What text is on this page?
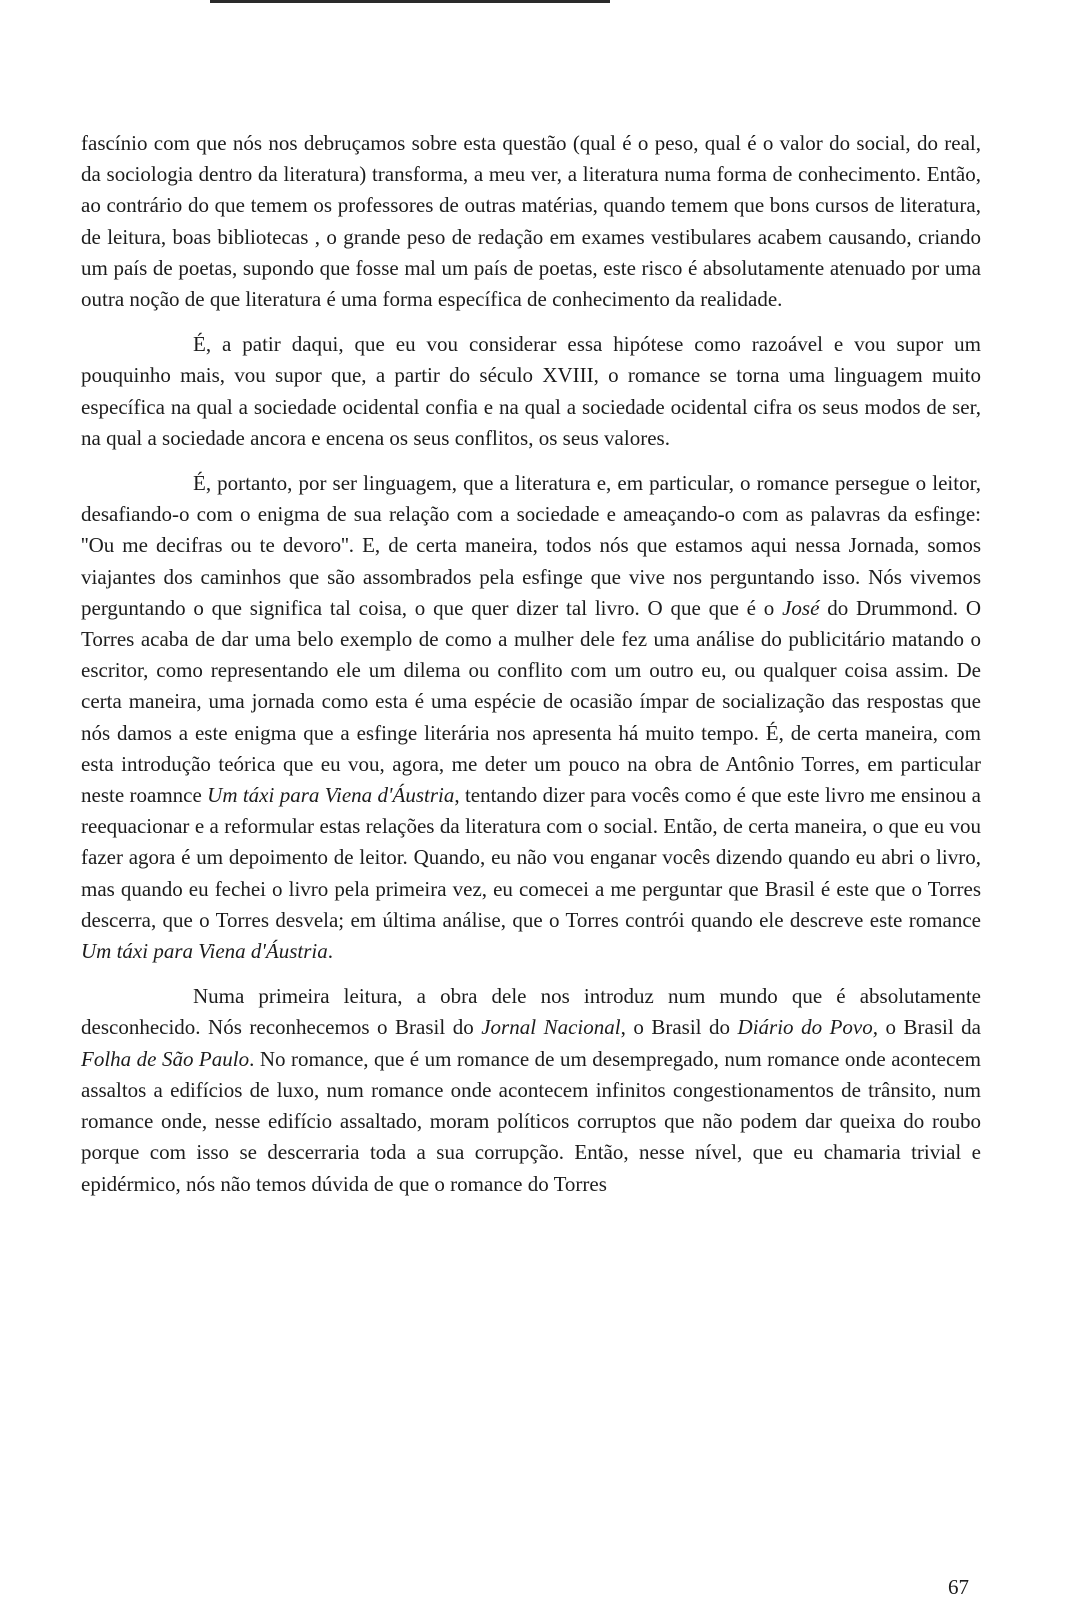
fascínio com que nós nos debruçamos sobre esta questão (qual é o peso, qual é o valor do social, do real, da sociologia dentro da literatura) transforma, a meu ver, a literatura numa forma de conhecimento. Então, ao contrário do que temem os professores de outras matérias, quando temem que bons cursos de literatura, de leitura, boas bibliotecas , o grande peso de redação em exames vestibulares acabem causando, criando um país de poetas, supondo que fosse mal um país de poetas, este risco é absolutamente atenuado por uma outra noção de que literatura é uma forma específica de conhecimento da realidade.

É, a patir daqui, que eu vou considerar essa hipótese como razoável e vou supor um pouquinho mais, vou supor que, a partir do século XVIII, o romance se torna uma linguagem muito específica na qual a sociedade ocidental confia e na qual a sociedade ocidental cifra os seus modos de ser, na qual a sociedade ancora e encena os seus conflitos, os seus valores.

É, portanto, por ser linguagem, que a literatura e, em particular, o romance persegue o leitor, desafiando-o com o enigma de sua relação com a sociedade e ameaçando-o com as palavras da esfinge: ''Ou me decifras ou te devoro''. E, de certa maneira, todos nós que estamos aqui nessa Jornada, somos viajantes dos caminhos que são assombrados pela esfinge que vive nos perguntando isso. Nós vivemos perguntando o que significa tal coisa, o que quer dizer tal livro. O que que é o José do Drummond. O Torres acaba de dar uma belo exemplo de como a mulher dele fez uma análise do publicitário matando o escritor, como representando ele um dilema ou conflito com um outro eu, ou qualquer coisa assim. De certa maneira, uma jornada como esta é uma espécie de ocasião ímpar de socialização das respostas que nós damos a este enigma que a esfinge literária nos apresenta há muito tempo. É, de certa maneira, com esta introdução teórica que eu vou, agora, me deter um pouco na obra de Antônio Torres, em particular neste roamnce Um táxi para Viena d'Áustria, tentando dizer para vocês como é que este livro me ensinou a reequacionar e a reformular estas relações da literatura com o social. Então, de certa maneira, o que eu vou fazer agora é um depoimento de leitor. Quando, eu não vou enganar vocês dizendo quando eu abri o livro, mas quando eu fechei o livro pela primeira vez, eu comecei a me perguntar que Brasil é este que o Torres descerra, que o Torres desvela; em última análise, que o Torres contrói quando ele descreve este romance Um táxi para Viena d'Áustria.

Numa primeira leitura, a obra dele nos introduz num mundo que é absolutamente desconhecido. Nós reconhecemos o Brasil do Jornal Nacional, o Brasil do Diário do Povo, o Brasil da Folha de São Paulo. No romance, que é um romance de um desempregado, num romance onde acontecem assaltos a edifícios de luxo, num romance onde acontecem infinitos congestionamentos de trânsito, num romance onde, nesse edifício assaltado, moram políticos corruptos que não podem dar queixa do roubo porque com isso se descerraria toda a sua corrupção. Então, nesse nível, que eu chamaria trivial e epidérmico, nós não temos dúvida de que o romance do Torres

67
